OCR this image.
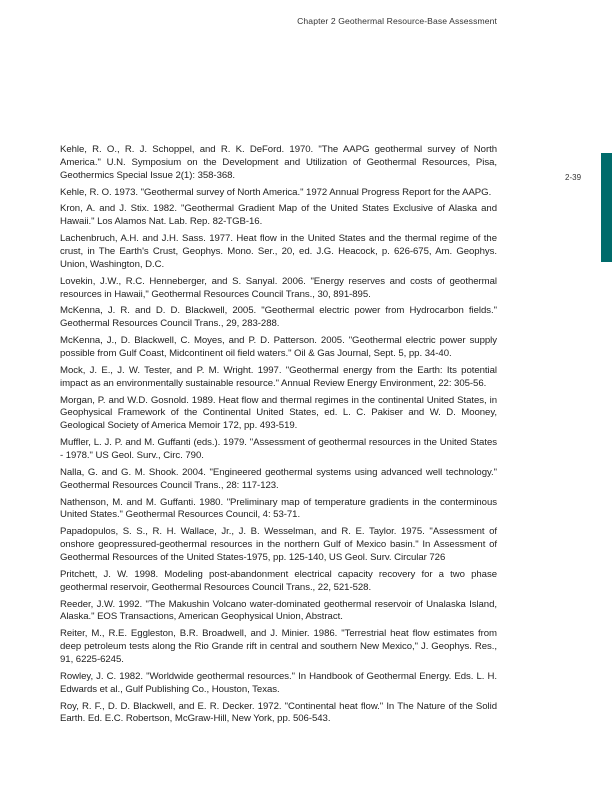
Chapter 2 Geothermal Resource-Base Assessment
2-39
Kehle, R. O., R. J. Schoppel, and R. K. DeFord. 1970. "The AAPG geothermal survey of North America." U.N. Symposium on the Development and Utilization of Geothermal Resources, Pisa, Geothermics Special Issue 2(1): 358-368.
Kehle, R. O. 1973. "Geothermal survey of North America." 1972 Annual Progress Report for the AAPG.
Kron, A. and J. Stix. 1982. "Geothermal Gradient Map of the United States Exclusive of Alaska and Hawaii." Los Alamos Nat. Lab. Rep. 82-TGB-16.
Lachenbruch, A.H. and J.H. Sass. 1977. Heat flow in the United States and the thermal regime of the crust, in The Earth's Crust, Geophys. Mono. Ser., 20, ed. J.G. Heacock, p. 626-675, Am. Geophys. Union, Washington, D.C.
Lovekin, J.W., R.C. Henneberger, and S. Sanyal. 2006. "Energy reserves and costs of geothermal resources in Hawaii," Geothermal Resources Council Trans., 30, 891-895.
McKenna, J. R. and D. D. Blackwell, 2005. "Geothermal electric power from Hydrocarbon fields." Geothermal Resources Council Trans., 29, 283-288.
McKenna, J., D. Blackwell, C. Moyes, and P. D. Patterson. 2005. "Geothermal electric power supply possible from Gulf Coast, Midcontinent oil field waters." Oil & Gas Journal, Sept. 5, pp. 34-40.
Mock, J. E., J. W. Tester, and P. M. Wright. 1997. "Geothermal energy from the Earth: Its potential impact as an environmentally sustainable resource." Annual Review Energy Environment, 22: 305-56.
Morgan, P. and W.D. Gosnold. 1989. Heat flow and thermal regimes in the continental United States, in Geophysical Framework of the Continental United States, ed. L. C. Pakiser and W. D. Mooney, Geological Society of America Memoir 172, pp. 493-519.
Muffler, L. J. P. and M. Guffanti (eds.). 1979. "Assessment of geothermal resources in the United States - 1978." US Geol. Surv., Circ. 790.
Nalla, G. and G. M. Shook. 2004. "Engineered geothermal systems using advanced well technology." Geothermal Resources Council Trans., 28: 117-123.
Nathenson, M. and M. Guffanti. 1980. "Preliminary map of temperature gradients in the conterminous United States." Geothermal Resources Council, 4: 53-71.
Papadopulos, S. S., R. H. Wallace, Jr., J. B. Wesselman, and R. E. Taylor. 1975. "Assessment of onshore geopressured-geothermal resources in the northern Gulf of Mexico basin." In Assessment of Geothermal Resources of the United States-1975, pp. 125-140, US Geol. Surv. Circular 726
Pritchett, J. W. 1998. Modeling post-abandonment electrical capacity recovery for a two phase geothermal reservoir, Geothermal Resources Council Trans., 22, 521-528.
Reeder, J.W. 1992. "The Makushin Volcano water-dominated geothermal reservoir of Unalaska Island, Alaska." EOS Transactions, American Geophysical Union, Abstract.
Reiter, M., R.E. Eggleston, B.R. Broadwell, and J. Minier. 1986. "Terrestrial heat flow estimates from deep petroleum tests along the Rio Grande rift in central and southern New Mexico," J. Geophys. Res., 91, 6225-6245.
Rowley, J. C. 1982. "Worldwide geothermal resources." In Handbook of Geothermal Energy. Eds. L. H. Edwards et al., Gulf Publishing Co., Houston, Texas.
Roy, R. F., D. D. Blackwell, and E. R. Decker. 1972. "Continental heat flow." In The Nature of the Solid Earth. Ed. E.C. Robertson, McGraw-Hill, New York, pp. 506-543.
